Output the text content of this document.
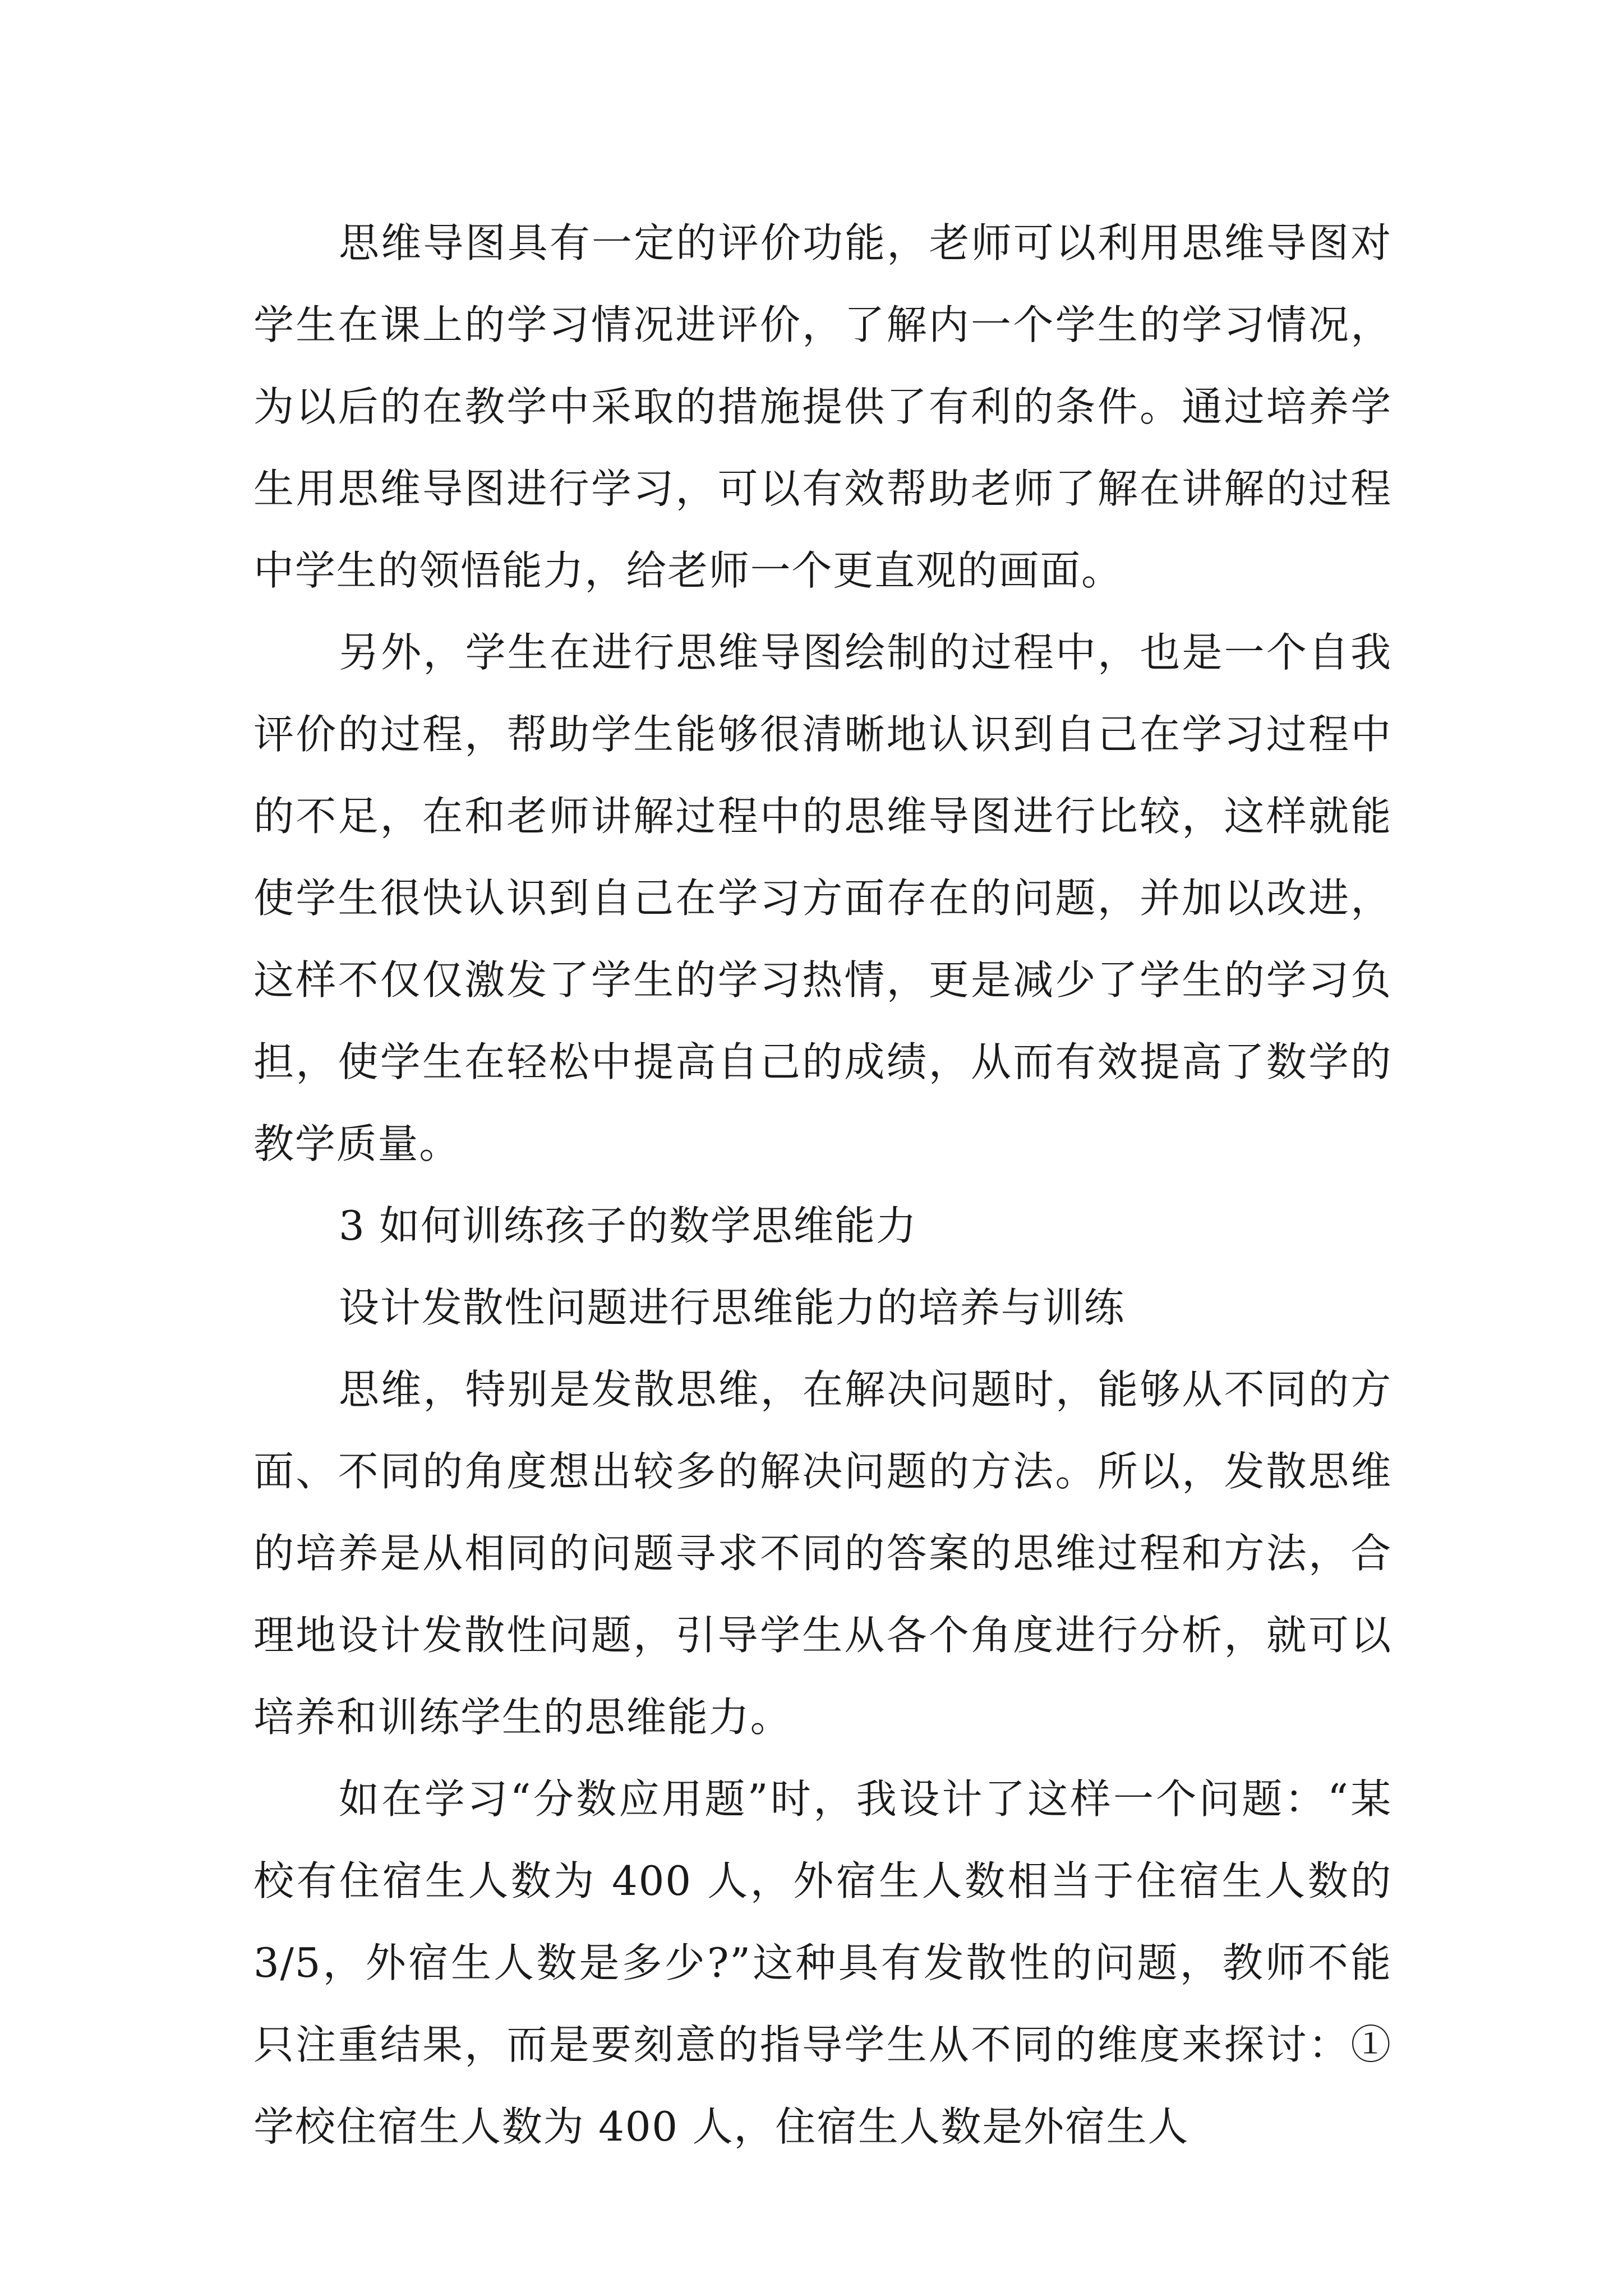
思维导图具有一定的评价功能，老师可以利用思维导图对学生在课上的学习情况进评价，了解内一个学生的学习情况，为以后的在教学中采取的措施提供了有利的条件。通过培养学生用思维导图进行学习，可以有效帮助老师了解在讲解的过程中学生的领悟能力，给老师一个更直观的画面。

另外，学生在进行思维导图绘制的过程中，也是一个自我评价的过程，帮助学生能够很清晰地认识到自己在学习过程中的不足，在和老师讲解过程中的思维导图进行比较，这样就能使学生很快认识到自己在学习方面存在的问题，并加以改进，这样不仅仅激发了学生的学习热情，更是减少了学生的学习负担，使学生在轻松中提高自己的成绩，从而有效提高了数学的教学质量。

3 如何训练孩子的数学思维能力

设计发散性问题进行思维能力的培养与训练

思维，特别是发散思维，在解决问题时，能够从不同的方面、不同的角度想出较多的解决问题的方法。所以，发散思维的培养是从相同的问题寻求不同的答案的思维过程和方法，合理地设计发散性问题，引导学生从各个角度进行分析，就可以培养和训练学生的思维能力。

如在学习“分数应用题”时，我设计了这样一个问题：“某校有住宿生人数为 400 人，外宿生人数相当于住宿生人数的 3/5，外宿生人数是多少?”这种具有发散性的问题，教师不能只注重结果，而是要刻意的指导学生从不同的维度来探讨：①学校住宿生人数为 400 人，住宿生人数是外宿生人
